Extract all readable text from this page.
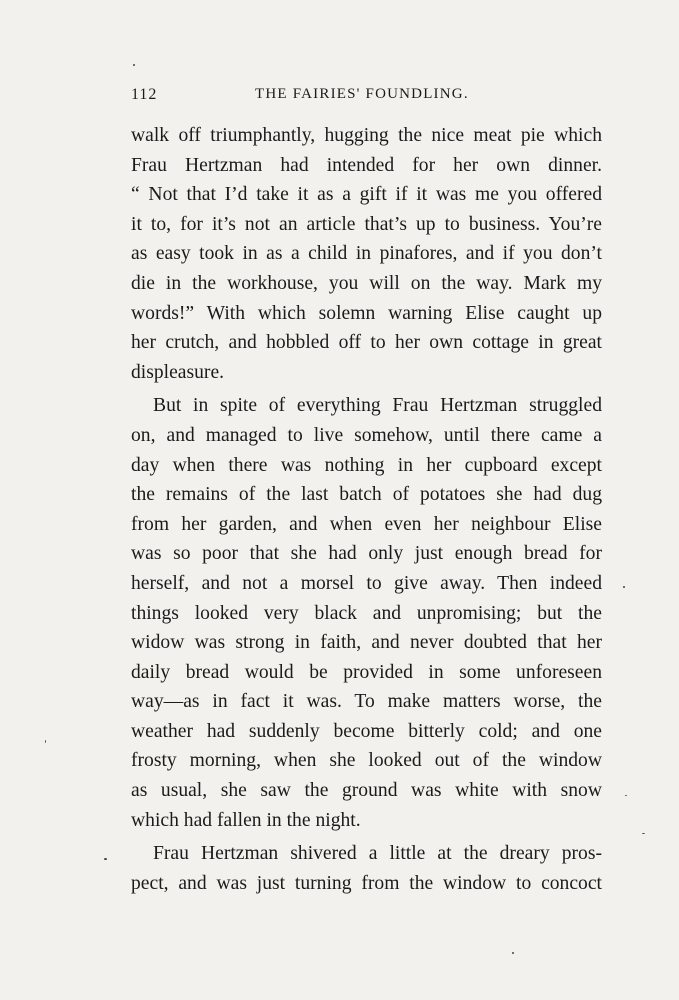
112	THE FAIRIES' FOUNDLING.
walk off triumphantly, hugging the nice meat pie which
Frau Hertzman had intended for her own dinner.
“ Not that I’d take it as a gift if it was me you offered
it to, for it’s not an article that’s up to business. You’re
as easy took in as a child in pinafores, and if you don’t
die in the workhouse, you will on the way. Mark my
words!” With which solemn warning Elise caught up
her crutch, and hobbled off to her own cottage in great
displeasure.
But in spite of everything Frau Hertzman struggled
on, and managed to live somehow, until there came a
day when there was nothing in her cupboard except
the remains of the last batch of potatoes she had dug
from her garden, and when even her neighbour Elise
was so poor that she had only just enough bread for
herself, and not a morsel to give away. Then indeed
things looked very black and unpromising; but the
widow was strong in faith, and never doubted that her
daily bread would be provided in some unforeseen
way—as in fact it was. To make matters worse, the
weather had suddenly become bitterly cold; and one
frosty morning, when she looked out of the window
as usual, she saw the ground was white with snow
which had fallen in the night.
Frau Hertzman shivered a little at the dreary pros-
pect, and was just turning from the window to concoct
